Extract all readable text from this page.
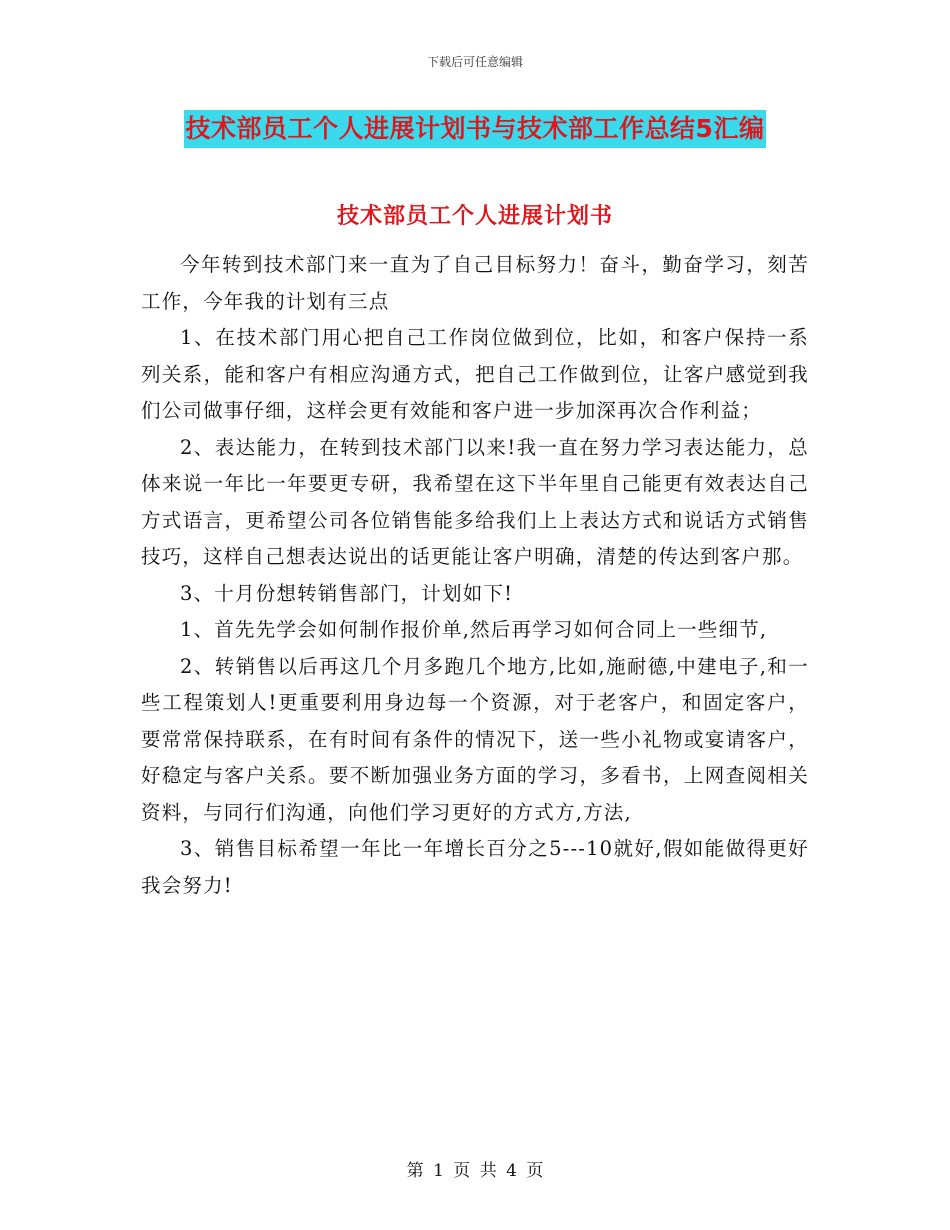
下载后可任意编辑
技术部员工个人进展计划书与技术部工作总结5汇编
技术部员工个人进展计划书

今年转到技术部门来一直为了自己目标努力！奋斗，勤奋学习，刻苦工作，今年我的计划有三点

1、在技术部门用心把自己工作岗位做到位，比如，和客户保持一系列关系，能和客户有相应沟通方式，把自己工作做到位，让客户感觉到我们公司做事仔细，这样会更有效能和客户进一步加深再次合作利益；

2、表达能力，在转到技术部门以来!我一直在努力学习表达能力，总体来说一年比一年要更专研，我希望在这下半年里自己能更有效表达自己方式语言，更希望公司各位销售能多给我们上上表达方式和说话方式销售技巧，这样自己想表达说出的话更能让客户明确，清楚的传达到客户那。

3、十月份想转销售部门，计划如下!

1、首先先学会如何制作报价单,然后再学习如何合同上一些细节,

2、转销售以后再这几个月多跑几个地方,比如,施耐德,中建电子,和一些工程策划人!更重要利用身边每一个资源，对于老客户，和固定客户，要常常保持联系，在有时间有条件的情况下，送一些小礼物或宴请客户，好稳定与客户关系。要不断加强业务方面的学习，多看书，上网查阅相关资料，与同行们沟通，向他们学习更好的方式方,方法,

3、销售目标希望一年比一年增长百分之5---10就好,假如能做得更好我会努力!

第 1 页 共 4 页
